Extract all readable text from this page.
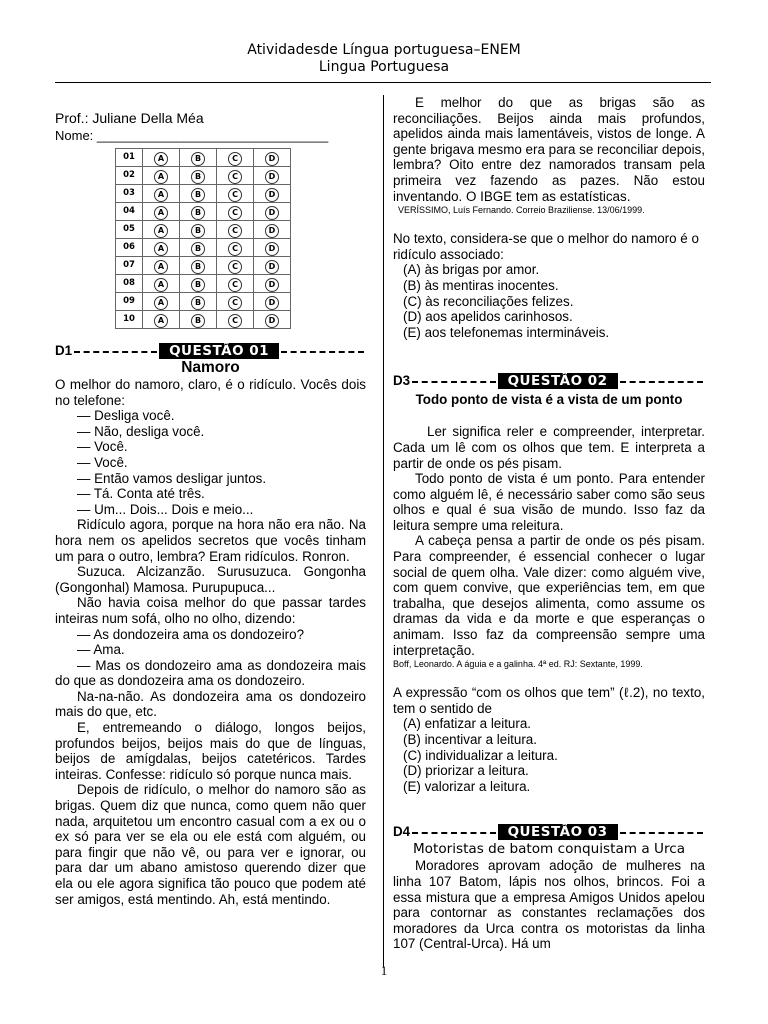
Atividadesde Língua portuguesa–ENEM
Lingua Portuguesa

Prof.: Juliane Della Méa

Nome: ________________________________

01	A	B	C	D
02	A	B	C	D
03	A	B	C	D
04	A	B	C	D
05	A	B	C	D
06	A	B	C	D
07	A	B	C	D
08	A	B	C	D
09	A	B	C	D
10	A	B	C	D
D1	QUESTÃO 01

Namoro

O melhor do namoro, claro, é o ridículo. Vocês dois no telefone:

— Desliga você.

— Não, desliga você.

— Você.

— Você.

— Então vamos desligar juntos.

— Tá. Conta até três.

— Um... Dois... Dois e meio...

Ridículo agora, porque na hora não era não. Na hora nem os apelidos secretos que vocês tinham um para o outro, lembra? Eram ridículos. Ronron.

Suzuca. Alcizanzão. Surusuzuca. Gongonha (Gongonhal) Mamosa. Purupupuca...

Não havia coisa melhor do que passar tardes inteiras num sofá, olho no olho, dizendo:

— As dondozeira ama os dondozeiro?

— Ama.

— Mas os dondozeiro ama as dondozeira mais do que as dondozeira ama os dondozeiro.

Na-na-não. As dondozeira ama os dondozeiro mais do que, etc.

E, entremeando o diálogo, longos beijos, profundos beijos, beijos mais do que de línguas, beijos de amígdalas, beijos catetéricos. Tardes inteiras. Confesse: ridículo só porque nunca mais.

Depois de ridículo, o melhor do namoro são as brigas. Quem diz que nunca, como quem não quer nada, arquitetou um encontro casual com a ex ou o ex só para ver se ela ou ele está com alguém, ou para fingir que não vê, ou para ver e ignorar, ou para dar um abano amistoso querendo dizer que ela ou ele agora significa tão pouco que podem até ser amigos, está mentindo. Ah, está mentindo.

E melhor do que as brigas são as reconciliações. Beijos ainda mais profundos, apelidos ainda mais lamentáveis, vistos de longe. A gente brigava mesmo era para se reconciliar depois, lembra? Oito entre dez namorados transam pela primeira vez fazendo as pazes. Não estou inventando. O IBGE tem as estatísticas.

VERÍSSIMO, Luís Fernando. Correio Braziliense. 13/06/1999.

No texto, considera-se que o melhor do namoro é o ridículo associado:

(A) às brigas por amor.

(B) às mentiras inocentes.

(C) às reconciliações felizes.

(D) aos apelidos carinhosos.

(E) aos telefonemas intermináveis.

D3	QUESTÃO 02

Todo ponto de vista é a vista de um ponto

Ler significa reler e compreender, interpretar. Cada um lê com os olhos que tem. E interpreta a partir de onde os pés pisam.

Todo ponto de vista é um ponto. Para entender como alguém lê, é necessário saber como são seus olhos e qual é sua visão de mundo. Isso faz da leitura sempre uma releitura.

A cabeça pensa a partir de onde os pés pisam. Para compreender, é essencial conhecer o lugar social de quem olha. Vale dizer: como alguém vive, com quem convive, que experiências tem, em que trabalha, que desejos alimenta, como assume os dramas da vida e da morte e que esperanças o animam. Isso faz da compreensão sempre uma interpretação.

Boff, Leonardo. A águia e a galinha. 4ª ed. RJ: Sextante, 1999.

A expressão “com os olhos que tem” (ℓ.2), no texto, tem o sentido de

(A) enfatizar a leitura.

(B) incentivar a leitura.

(C) individualizar a leitura.

(D) priorizar a leitura.

(E) valorizar a leitura.

D4	QUESTÃO 03

Motoristas de batom conquistam a Urca

Moradores aprovam adoção de mulheres na linha 107 Batom, lápis nos olhos, brincos. Foi a essa mistura que a empresa Amigos Unidos apelou para contornar as constantes reclamações dos moradores da Urca contra os motoristas da linha 107 (Central-Urca). Há um

1
